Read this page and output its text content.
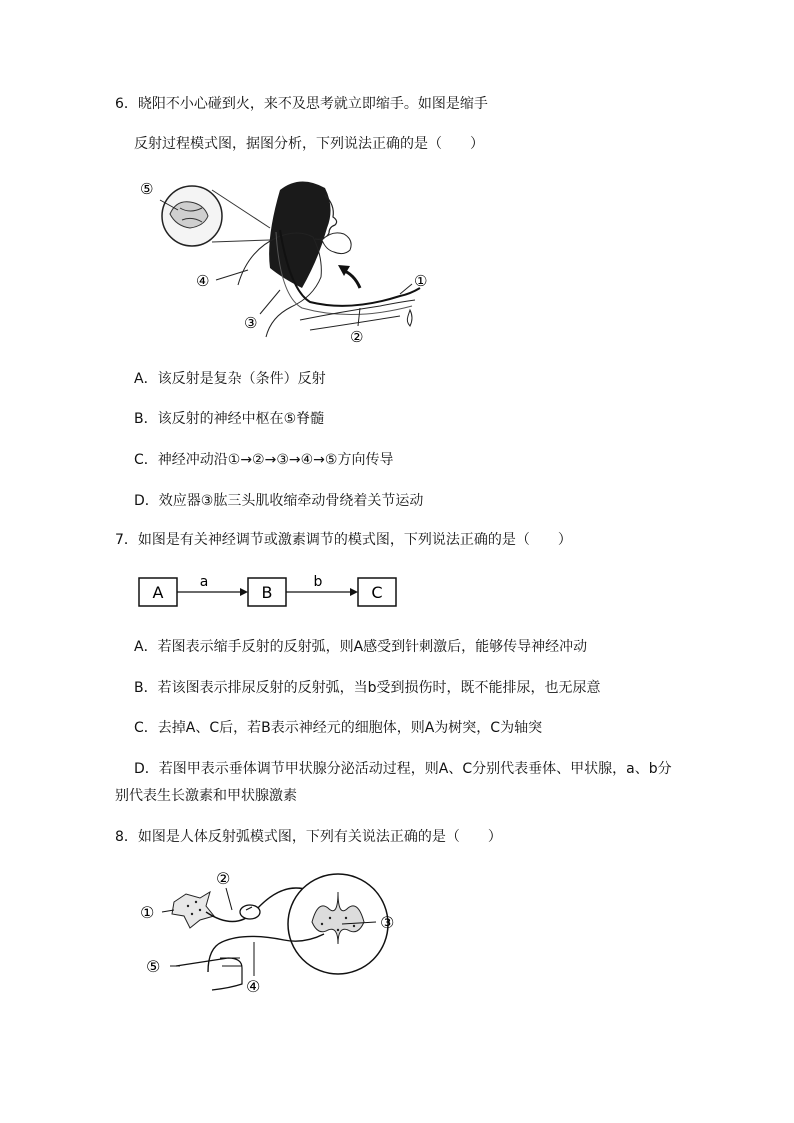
6．晓阳不小心碰到火，来不及思考就立即缩手。如图是缩手
反射过程模式图，据图分析，下列说法正确的是（　　）
⑤
④
③
②
①
A．该反射是复杂（条件）反射
B．该反射的神经中枢在⑤脊髓
C．神经冲动沿①→②→③→④→⑤方向传导
D．效应器③肱三头肌收缩牵动骨绕着关节运动
7．如图是有关神经调节或激素调节的模式图，下列说法正确的是（　　）
A	B	C
a	b
A．若图表示缩手反射的反射弧，则A感受到针刺激后，能够传导神经冲动
B．若该图表示排尿反射的反射弧，当b受到损伤时，既不能排尿，也无尿意
C．去掉A、C后，若B表示神经元的细胞体，则A为树突，C为轴突
D．若图甲表示垂体调节甲状腺分泌活动过程，则A、C分别代表垂体、甲状腺，a、b分
别代表生长激素和甲状腺激素
8．如图是人体反射弧模式图，下列有关说法正确的是（　　）
①
②
③
④
⑤
